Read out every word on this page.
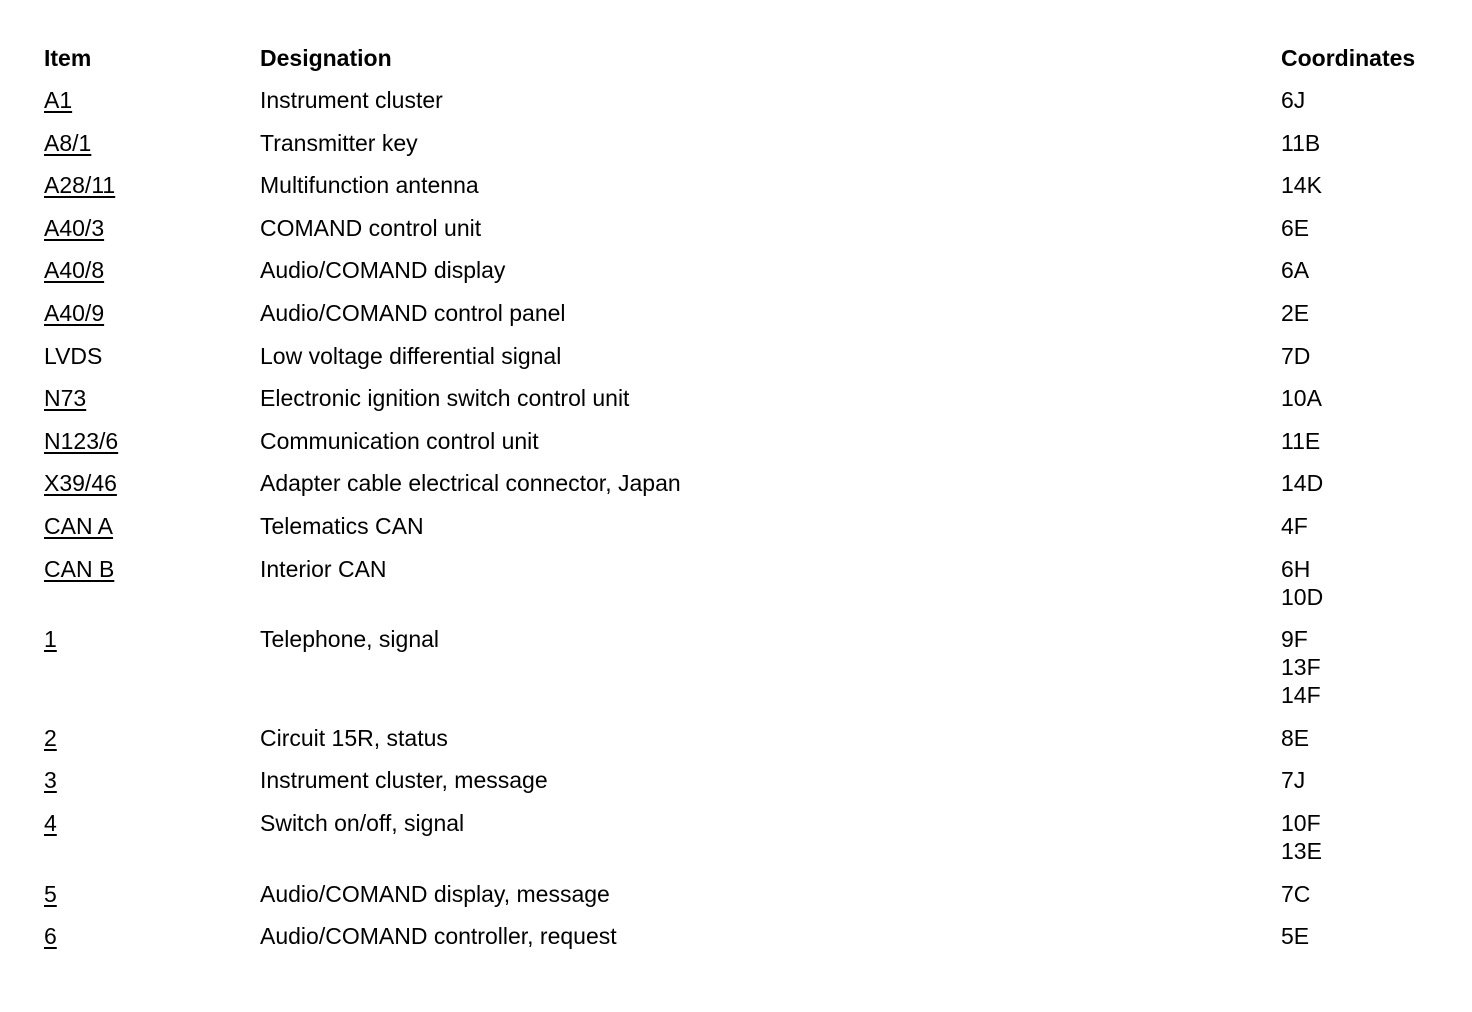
Item	Designation	Coordinates
A1	Instrument cluster	6J
A8/1	Transmitter key	11B
A28/11	Multifunction antenna	14K
A40/3	COMAND control unit	6E
A40/8	Audio/COMAND display	6A
A40/9	Audio/COMAND control panel	2E
LVDS	Low voltage differential signal	7D
N73	Electronic ignition switch control unit	10A
N123/6	Communication control unit	11E
X39/46	Adapter cable electrical connector, Japan	14D
CAN A	Telematics CAN	4F
CAN B	Interior CAN	6H
10D
1	Telephone, signal	9F
13F
14F
2	Circuit 15R, status	8E
3	Instrument cluster, message	7J
4	Switch on/off, signal	10F
13E
5	Audio/COMAND display, message	7C
6	Audio/COMAND controller, request	5E
